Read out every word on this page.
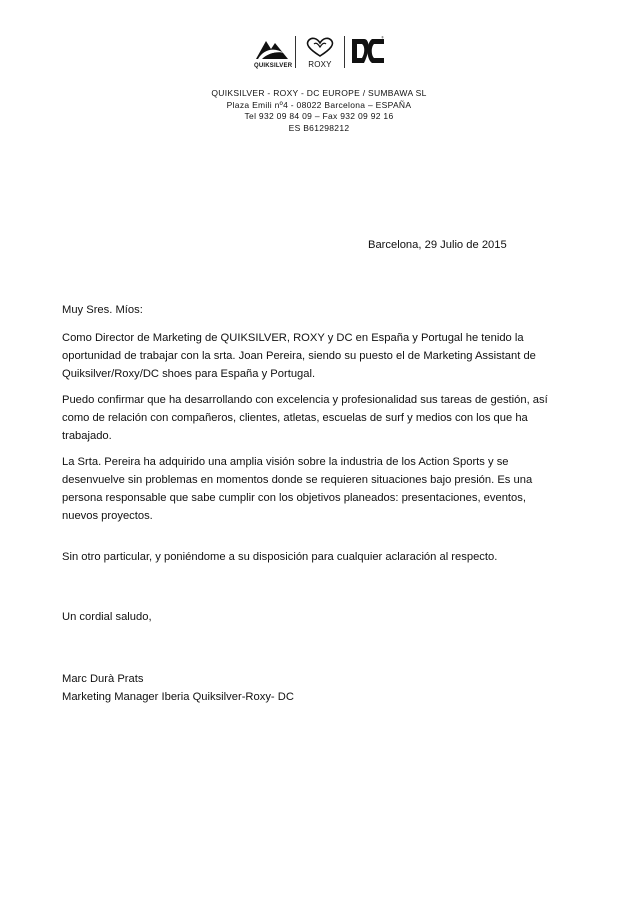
QUIKSILVER	ROXY
®
QUIKSILVER - ROXY - DC EUROPE / SUMBAWA SL
Plaza Emili nº4 - 08022 Barcelona – ESPAÑA
Tel 932 09 84 09 – Fax 932 09 92 16
ES B61298212
Barcelona, 29 Julio de 2015
Muy Sres. Míos:
Como Director de Marketing de QUIKSILVER, ROXY y DC en España y Portugal he tenido la
oportunidad de trabajar con la srta. Joan Pereira, siendo su puesto el de Marketing Assistant de
Quiksilver/Roxy/DC shoes para España y Portugal.
Puedo confirmar que ha desarrollando con excelencia y profesionalidad sus tareas de gestión, así
como de relación con compañeros, clientes, atletas, escuelas de surf y medios con los que ha
trabajado.
La Srta. Pereira ha adquirido una amplia visión sobre la industria de los Action Sports y se
desenvuelve sin problemas en momentos donde se requieren situaciones bajo presión. Es una
persona responsable que sabe cumplir con los objetivos planeados: presentaciones, eventos,
nuevos proyectos.
Sin otro particular, y poniéndome a su disposición para cualquier aclaración al respecto.
Un cordial saludo,
Marc Durà Prats
Marketing Manager Iberia Quiksilver-Roxy- DC
